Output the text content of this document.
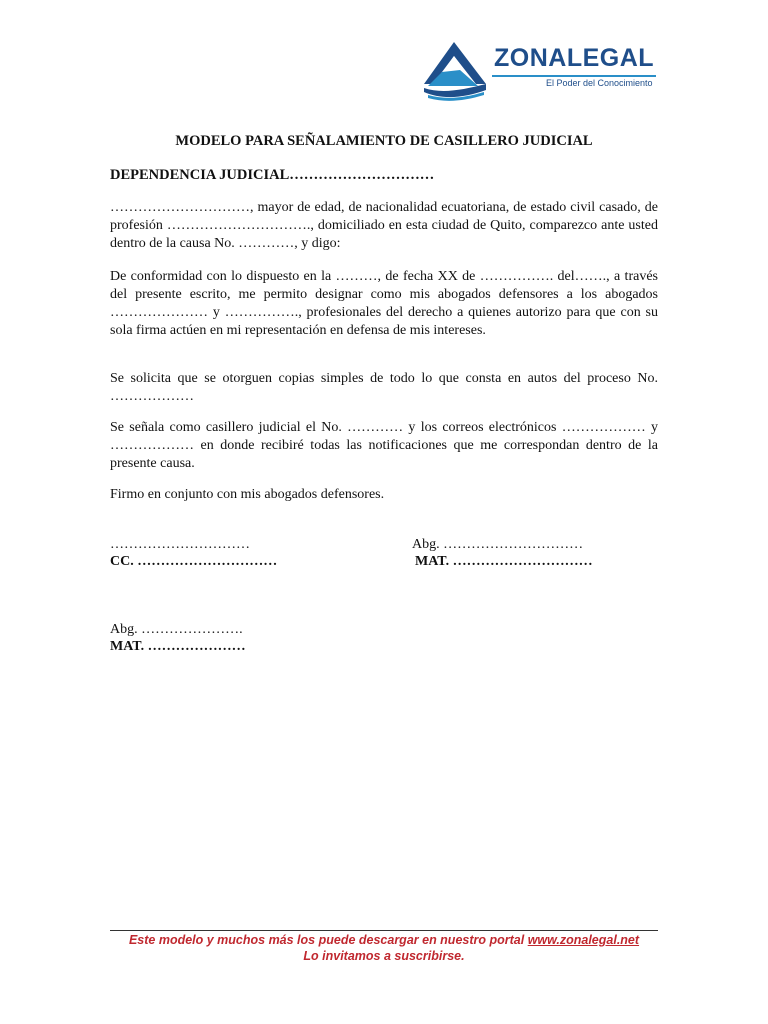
ZONALEGAL
El Poder del Conocimiento
MODELO PARA SEÑALAMIENTO DE CASILLERO JUDICIAL
DEPENDENCIA JUDICIAL…………………………
…………………………, mayor de edad, de nacionalidad ecuatoriana, de estado civil casado, de profesión …………………………., domiciliado en esta ciudad de Quito, comparezco ante usted dentro de la causa No. …………, y digo:
De conformidad con lo dispuesto en la ………, de fecha XX de ……………. del……., a través del presente escrito, me permito designar como mis abogados defensores a los abogados ………………… y ……………., profesionales del derecho a quienes autorizo para que con su sola firma actúen en mi representación en defensa de mis intereses.
Se solicita que se otorguen copias simples de todo lo que consta en autos del proceso No. ………………
Se señala como casillero judicial el No. ………… y los correos electrónicos ……………… y ……………… en donde recibiré todas las notificaciones que me correspondan dentro de la presente causa.
Firmo en conjunto con mis abogados defensores.
…………………………
CC. …………………………
Abg. …………………………
MAT. …………………………
Abg. ………………….
MAT. …………………
Este modelo y muchos más los puede descargar en nuestro portal www.zonalegal.net
Lo invitamos a suscribirse.
